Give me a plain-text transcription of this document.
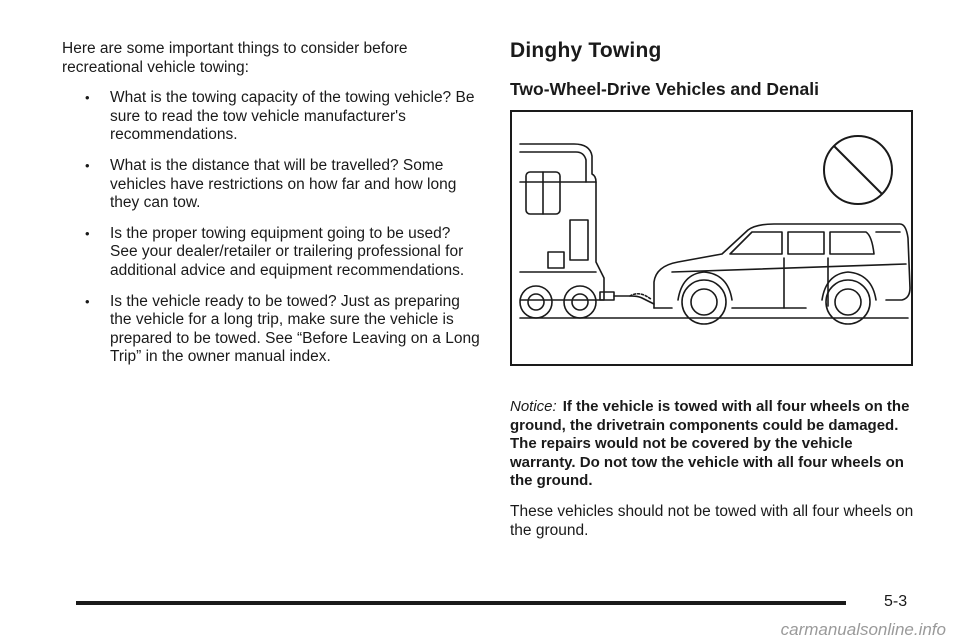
Here are some important things to consider before recreational vehicle towing:

• What is the towing capacity of the towing vehicle? Be sure to read the tow vehicle manufacturer's recommendations.
• What is the distance that will be travelled? Some vehicles have restrictions on how far and how long they can tow.
• Is the proper towing equipment going to be used? See your dealer/retailer or trailering professional for additional advice and equipment recommendations.
• Is the vehicle ready to be towed? Just as preparing the vehicle for a long trip, make sure the vehicle is prepared to be towed. See “Before Leaving on a Long Trip” in the owner manual index.
Dinghy Towing
Two-Wheel-Drive Vehicles and Denali

Notice: If the vehicle is towed with all four wheels on the ground, the drivetrain components could be damaged. The repairs would not be covered by the vehicle warranty. Do not tow the vehicle with all four wheels on the ground.

These vehicles should not be towed with all four wheels on the ground.

5-3
carmanualsonline.info
